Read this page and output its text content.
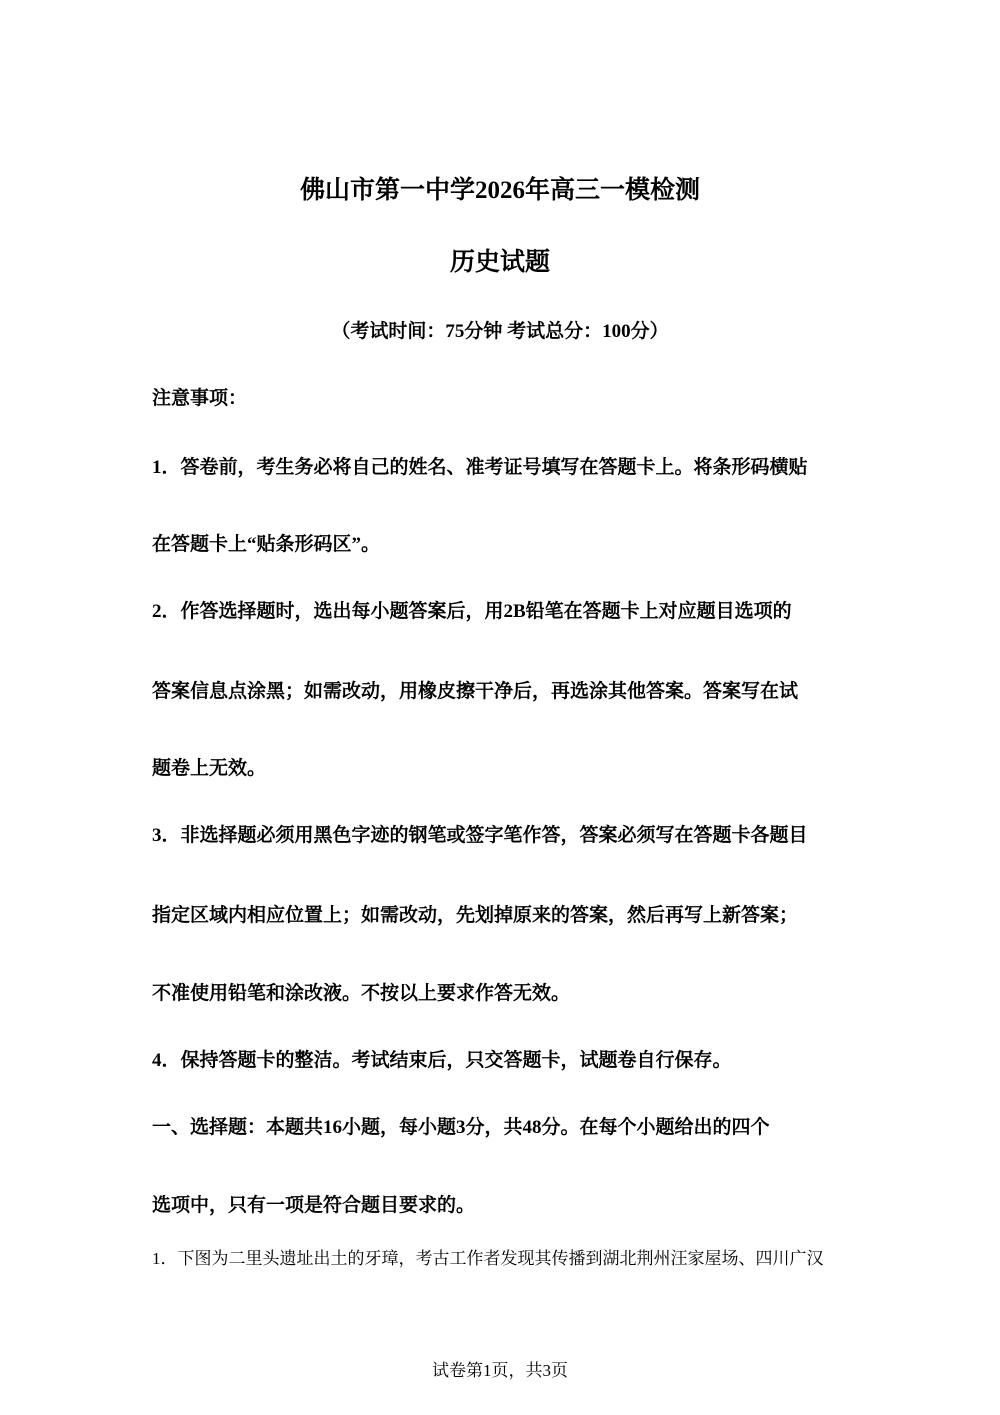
佛山市第一中学2026年高三一模检测
历史试题
（考试时间：75分钟 考试总分：100分）
注意事项：
1．答卷前，考生务必将自己的姓名、准考证号填写在答题卡上。将条形码横贴
在答题卡上“贴条形码区”。
2．作答选择题时，选出每小题答案后，用2B铅笔在答题卡上对应题目选项的
答案信息点涂黑；如需改动，用橡皮擦干净后，再选涂其他答案。答案写在试
题卷上无效。
3．非选择题必须用黑色字迹的钢笔或签字笔作答，答案必须写在答题卡各题目
指定区域内相应位置上；如需改动，先划掉原来的答案，然后再写上新答案；
不准使用铅笔和涂改液。不按以上要求作答无效。
4．保持答题卡的整洁。考试结束后，只交答题卡，试题卷自行保存。
一、选择题：本题共16小题，每小题3分，共48分。在每个小题给出的四个
选项中，只有一项是符合题目要求的。
1．下图为二里头遗址出土的牙璋，考古工作者发现其传播到湖北荆州汪家屋场、四川广汉
试卷第1页，共3页
